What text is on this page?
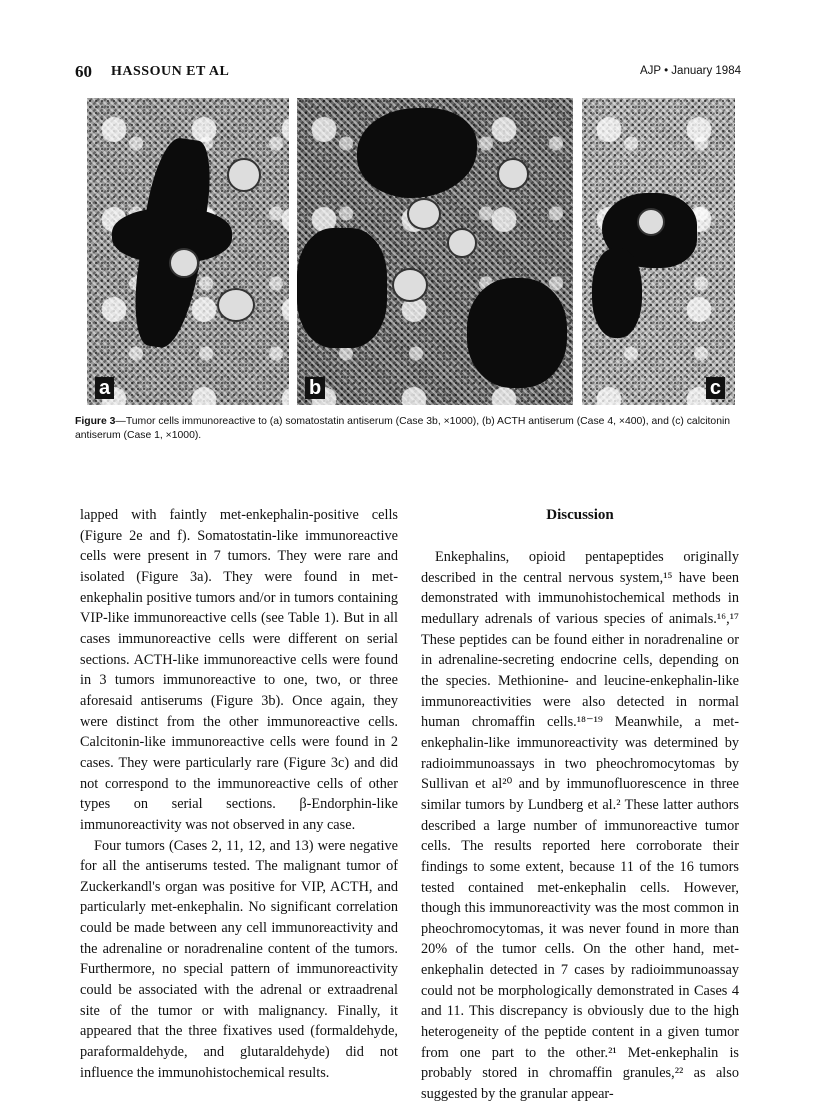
60 HASSOUN ET AL	AJP • January 1984
a	b	c
Figure 3—Tumor cells immunoreactive to (a) somatostatin antiserum (Case 3b, ×1000), (b) ACTH antiserum (Case 4, ×400), and (c) calcitonin antiserum (Case 1, ×1000).

lapped with faintly met-enkephalin-positive cells (Figure 2e and f). Somatostatin-like immunoreactive cells were present in 7 tumors. They were rare and isolated (Figure 3a). They were found in met-enkephalin positive tumors and/or in tumors containing VIP-like immunoreactive cells (see Table 1). But in all cases immunoreactive cells were different on serial sections. ACTH-like immunoreactive cells were found in 3 tumors immunoreactive to one, two, or three aforesaid antiserums (Figure 3b). Once again, they were distinct from the other immunoreactive cells. Calcitonin-like immunoreactive cells were found in 2 cases. They were particularly rare (Figure 3c) and did not correspond to the immunoreactive cells of other types on serial sections. β-Endorphin-like immunoreactivity was not observed in any case.

Four tumors (Cases 2, 11, 12, and 13) were negative for all the antiserums tested. The malignant tumor of Zuckerkandl's organ was positive for VIP, ACTH, and particularly met-enkephalin. No significant correlation could be made between any cell immunoreactivity and the adrenaline or noradrenaline content of the tumors. Furthermore, no special pattern of immunoreactivity could be associated with the adrenal or extraadrenal site of the tumor or with malignancy. Finally, it appeared that the three fixatives used (formaldehyde, paraformaldehyde, and glutaraldehyde) did not influence the immunohistochemical results.

Discussion

Enkephalins, opioid pentapeptides originally described in the central nervous system,¹⁵ have been demonstrated with immunohistochemical methods in medullary adrenals of various species of animals.¹⁶,¹⁷ These peptides can be found either in noradrenaline or in adrenaline-secreting endocrine cells, depending on the species. Methionine- and leucine-enkephalin-like immunoreactivities were also detected in normal human chromaffin cells.¹⁸⁻¹⁹ Meanwhile, a met-enkephalin-like immunoreactivity was determined by radioimmunoassays in two pheochromocytomas by Sullivan et al²⁰ and by immunofluorescence in three similar tumors by Lundberg et al.² These latter authors described a large number of immunoreactive tumor cells. The results reported here corroborate their findings to some extent, because 11 of the 16 tumors tested contained met-enkephalin cells. However, though this immunoreactivity was the most common in pheochromocytomas, it was never found in more than 20% of the tumor cells. On the other hand, met-enkephalin detected in 7 cases by radioimmunoassay could not be morphologically demonstrated in Cases 4 and 11. This discrepancy is obviously due to the high heterogeneity of the peptide content in a given tumor from one part to the other.²¹ Met-enkephalin is probably stored in chromaffin granules,²² as also suggested by the granular appear-
